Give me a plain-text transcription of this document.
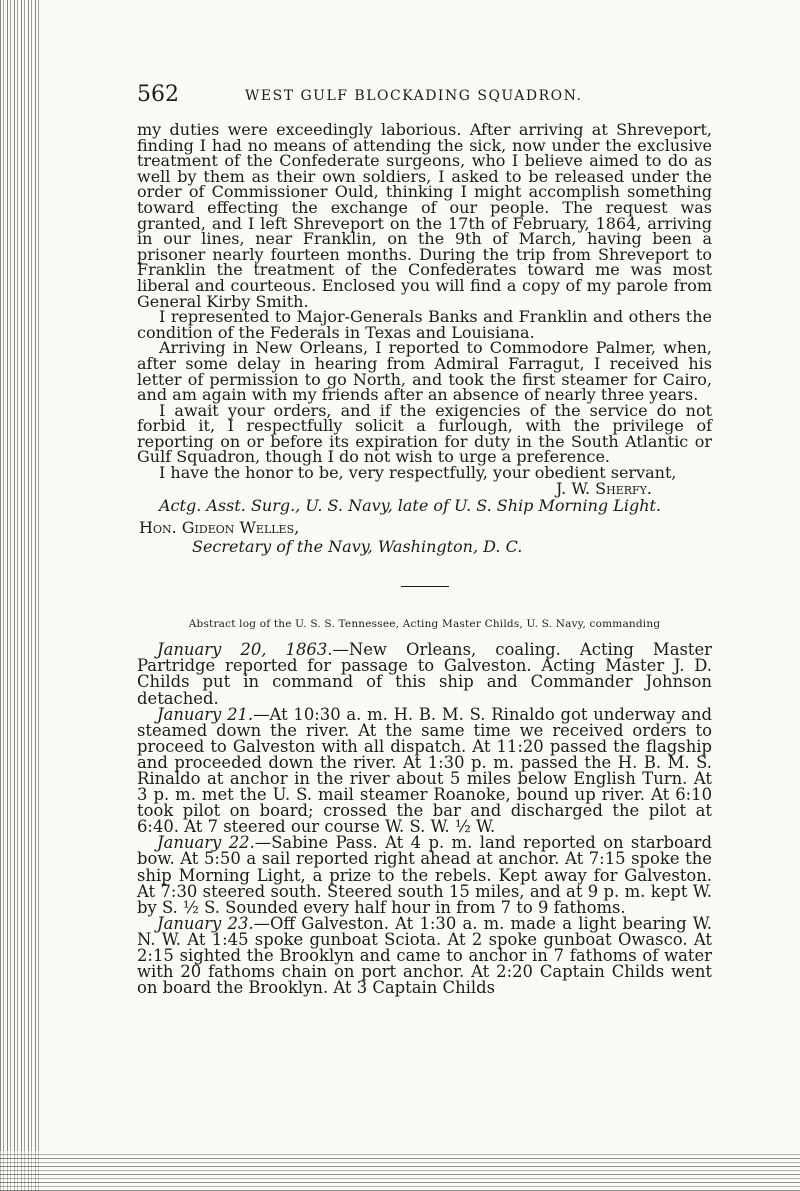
562	WEST GULF BLOCKADING SQUADRON.

my duties were exceedingly laborious. After arriving at Shreveport, finding I had no means of attending the sick, now under the exclusive treatment of the Confederate surgeons, who I believe aimed to do as well by them as their own soldiers, I asked to be released under the order of Commissioner Ould, thinking I might accomplish something toward effecting the exchange of our people. The request was granted, and I left Shreveport on the 17th of February, 1864, arriving in our lines, near Franklin, on the 9th of March, having been a prisoner nearly fourteen months. During the trip from Shreveport to Franklin the treatment of the Confederates toward me was most liberal and courteous. Enclosed you will find a copy of my parole from General Kirby Smith.

I represented to Major-Generals Banks and Franklin and others the condition of the Federals in Texas and Louisiana.

Arriving in New Orleans, I reported to Commodore Palmer, when, after some delay in hearing from Admiral Farragut, I received his letter of permission to go North, and took the first steamer for Cairo, and am again with my friends after an absence of nearly three years.

I await your orders, and if the exigencies of the service do not forbid it, I respectfully solicit a furlough, with the privilege of reporting on or before its expiration for duty in the South Atlantic or Gulf Squadron, though I do not wish to urge a preference.

I have the honor to be, very respectfully, your obedient servant,

J. W. Sherfy.
Actg. Asst. Surg., U. S. Navy, late of U. S. Ship Morning Light.
Hon. Gideon Welles,
Secretary of the Navy, Washington, D. C.
Abstract log of the U. S. S. Tennessee, Acting Master Childs, U. S. Navy, commanding

January 20, 1863.—New Orleans, coaling. Acting Master Partridge reported for passage to Galveston. Acting Master J. D. Childs put in command of this ship and Commander Johnson detached.

January 21.—At 10:30 a. m. H. B. M. S. Rinaldo got underway and steamed down the river. At the same time we received orders to proceed to Galveston with all dispatch. At 11:20 passed the flagship and proceeded down the river. At 1:30 p. m. passed the H. B. M. S. Rinaldo at anchor in the river about 5 miles below English Turn. At 3 p. m. met the U. S. mail steamer Roanoke, bound up river. At 6:10 took pilot on board; crossed the bar and discharged the pilot at 6:40. At 7 steered our course W. S. W. ½ W.

January 22.—Sabine Pass. At 4 p. m. land reported on starboard bow. At 5:50 a sail reported right ahead at anchor. At 7:15 spoke the ship Morning Light, a prize to the rebels. Kept away for Galveston. At 7:30 steered south. Steered south 15 miles, and at 9 p. m. kept W. by S. ½ S. Sounded every half hour in from 7 to 9 fathoms.

January 23.—Off Galveston. At 1:30 a. m. made a light bearing W. N. W. At 1:45 spoke gunboat Sciota. At 2 spoke gunboat Owasco. At 2:15 sighted the Brooklyn and came to anchor in 7 fathoms of water with 20 fathoms chain on port anchor. At 2:20 Captain Childs went on board the Brooklyn. At 3 Captain Childs
